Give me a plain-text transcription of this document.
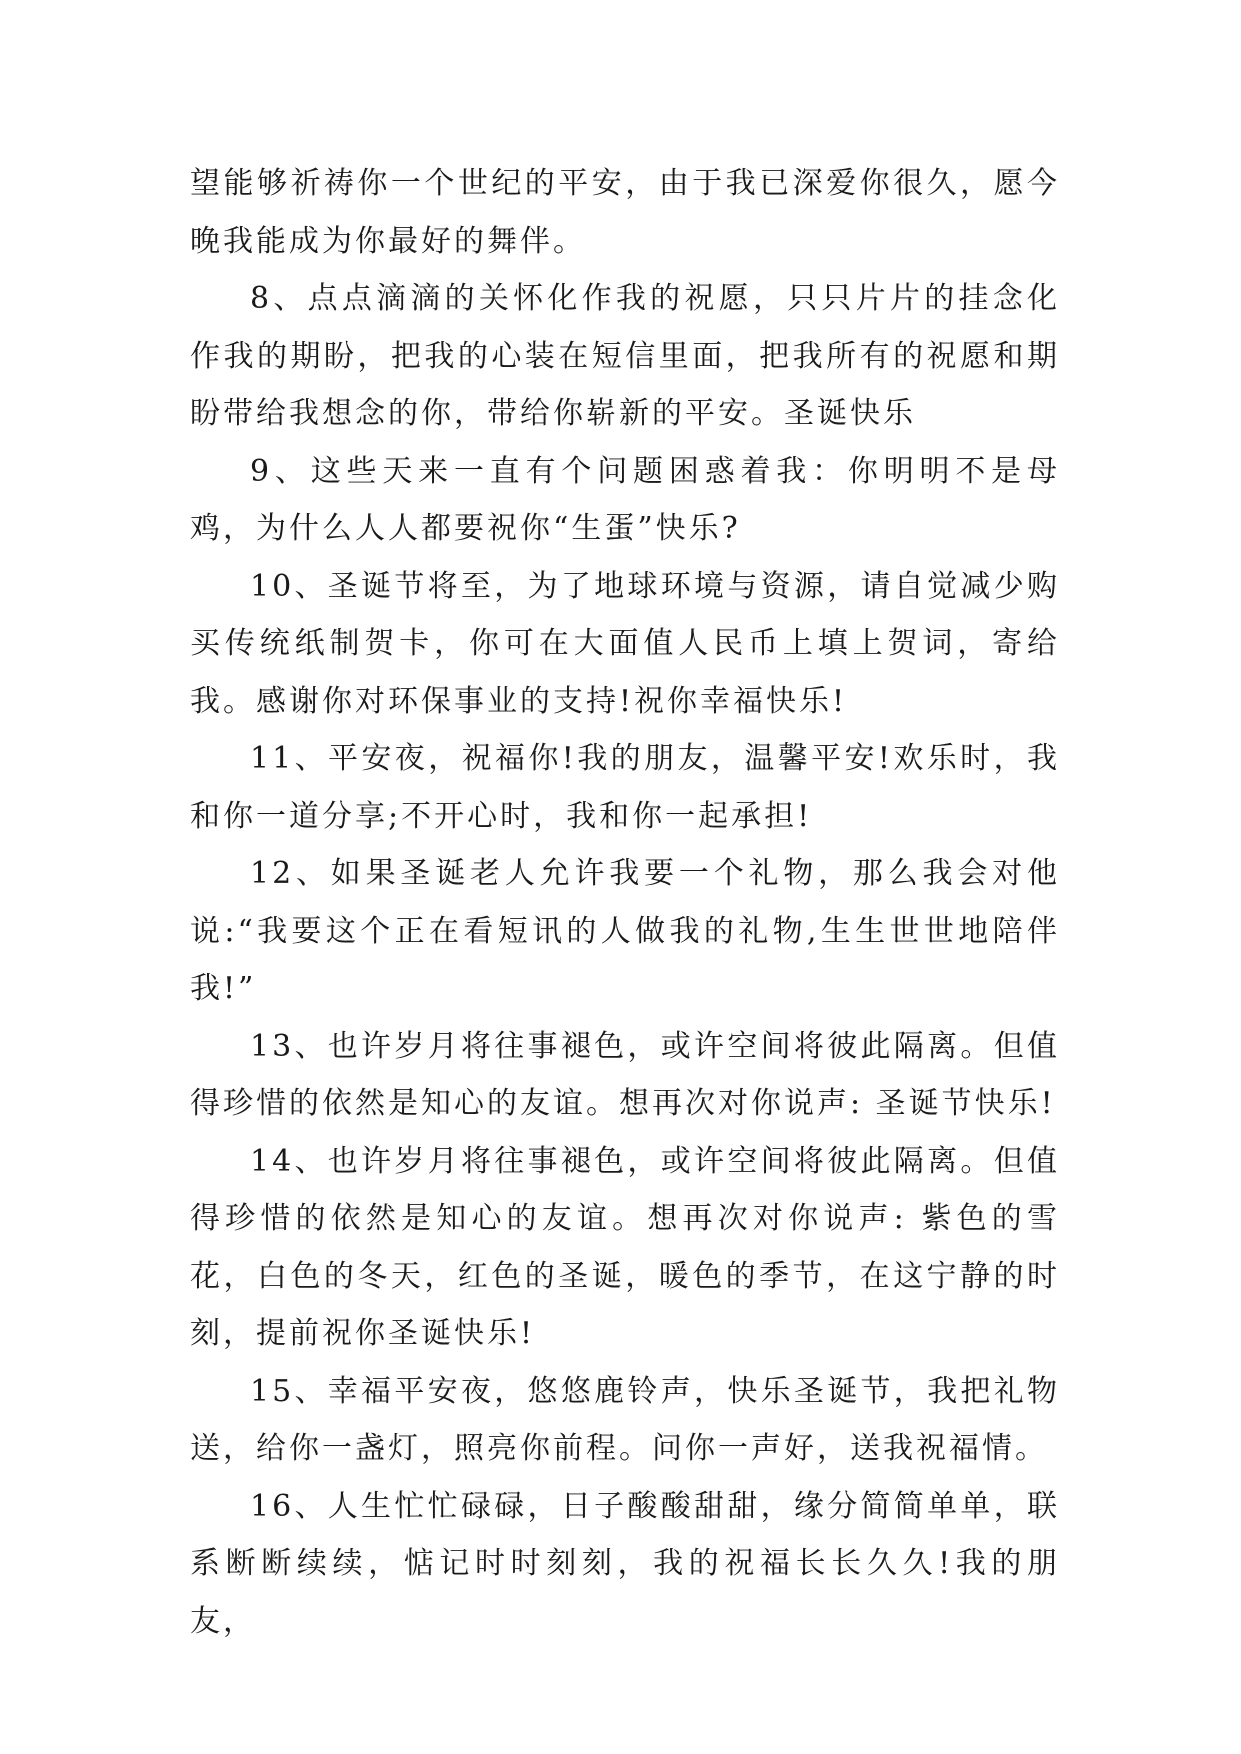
望能够祈祷你一个世纪的平安，由于我已深爱你很久，愿今晚我能成为你最好的舞伴。

8、点点滴滴的关怀化作我的祝愿，只只片片的挂念化作我的期盼，把我的心装在短信里面，把我所有的祝愿和期盼带给我想念的你，带给你崭新的平安。圣诞快乐

9、这些天来一直有个问题困惑着我：你明明不是母鸡，为什么人人都要祝你“生蛋”快乐?

10、圣诞节将至，为了地球环境与资源，请自觉减少购买传统纸制贺卡，你可在大面值人民币上填上贺词，寄给我。感谢你对环保事业的支持!祝你幸福快乐!

11、平安夜，祝福你!我的朋友，温馨平安!欢乐时，我和你一道分享;不开心时，我和你一起承担!

12、如果圣诞老人允许我要一个礼物，那么我会对他说:“我要这个正在看短讯的人做我的礼物,生生世世地陪伴我!”

13、也许岁月将往事褪色，或许空间将彼此隔离。但值得珍惜的依然是知心的友谊。想再次对你说声: 圣诞节快乐!

14、也许岁月将往事褪色，或许空间将彼此隔离。但值得珍惜的依然是知心的友谊。想再次对你说声: 紫色的雪花，白色的冬天，红色的圣诞，暖色的季节，在这宁静的时刻，提前祝你圣诞快乐!

15、幸福平安夜，悠悠鹿铃声，快乐圣诞节，我把礼物送，给你一盏灯，照亮你前程。问你一声好，送我祝福情。

16、人生忙忙碌碌，日子酸酸甜甜，缘分简简单单，联系断断续续，惦记时时刻刻，我的祝福长长久久!我的朋友，
